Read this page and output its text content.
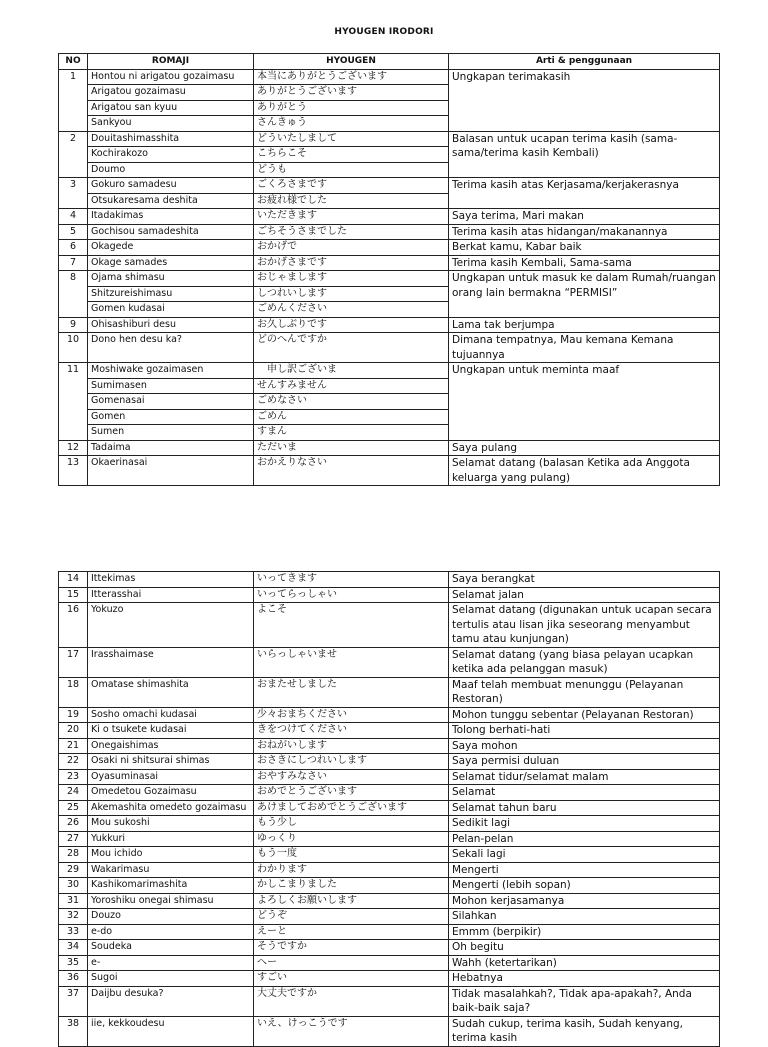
HYOUGEN IRODORI
NO	ROMAJI	HYOUGEN	Arti & penggunaan
1	Hontou ni arigatou gozaimasu	本当にありがとうございます	Ungkapan terimakasih
	Arigatou gozaimasu	ありがとうございます	
	Arigatou san kyuu	ありがとう	
	Sankyou	さんきゅう	
2	Douitashimasshita	どういたしまして	Balasan untuk ucapan terima kasih (sama-sama/terima kasih Kembali)
	Kochirakozo	こちらこそ	
	Doumo	どうも	
3	Gokuro samadesu	ごくろさまです	Terima kasih atas Kerjasama/kerjakerasnya
	Otsukaresama deshita	お疲れ様でした	
4	Itadakimas	いただきます	Saya terima, Mari makan
5	Gochisou samadeshita	ごちそうさまでした	Terima kasih atas hidangan/makanannya
6	Okagede	おかげで	Berkat kamu, Kabar baik
7	Okage samades	おかげさまです	Terima kasih Kembali, Sama-sama
8	Ojama shimasu	おじゃまします	Ungkapan untuk masuk ke dalam Rumah/ruangan orang lain bermakna “PERMISI”
	Shitzureishimasu	しつれいします	
	Gomen kudasai	ごめんください	
9	Ohisashiburi desu	お久しぶりです	Lama tak berjumpa
10	Dono hen desu ka?	どのへんですか	Dimana tempatnya, Mau kemana Kemana tujuannya
11	Moshiwake gozaimasen	　申し訳ございま	Ungkapan untuk meminta maaf
	Sumimasen	せんすみません	
	Gomenasai	ごめなさい	
	Gomen	ごめん	
	Sumen	すまん	
12	Tadaima	ただいま	Saya pulang
13	Okaerinasai	おかえりなさい	Selamat datang (balasan Ketika ada Anggota keluarga yang pulang)
14	Ittekimas	いってきます	Saya berangkat
15	Itterasshai	いってらっしゃい	Selamat jalan
16	Yokuzo	よこそ	Selamat datang (digunakan untuk ucapan secara tertulis atau lisan jika seseorang menyambut tamu atau kunjungan)
17	Irasshaimase	いらっしゃいませ	Selamat datang (yang biasa pelayan ucapkan ketika ada pelanggan masuk)
18	Omatase shimashita	おまたせしました	Maaf telah membuat menunggu (Pelayanan Restoran)
19	Sosho omachi kudasai	少々おまちください	Mohon tunggu sebentar (Pelayanan Restoran)
20	Ki o tsukete kudasai	きをつけてください	Tolong berhati-hati
21	Onegaishimas	おねがいします	Saya mohon
22	Osaki ni shitsurai shimas	おさきにしつれいします	Saya permisi duluan
23	Oyasuminasai	おやすみなさい	Selamat tidur/selamat malam
24	Omedetou Gozaimasu	おめでとうございます	Selamat
25	Akemashita omedeto gozaimasu	あけましておめでとうございます	Selamat tahun baru
26	Mou sukoshi	もう少し	Sedikit lagi
27	Yukkuri	ゆっくり	Pelan-pelan
28	Mou ichido	もう一度	Sekali lagi
29	Wakarimasu	わかります	Mengerti
30	Kashikomarimashita	かしこまりました	Mengerti (lebih sopan)
31	Yoroshiku onegai shimasu	よろしくお願いします	Mohon kerjasamanya
32	Douzo	どうぞ	Silahkan
33	e-do	えーと	Emmm (berpikir)
34	Soudeka	そうですか	Oh begitu
35	e-	へー	Wahh (ketertarikan)
36	Sugoi	すごい	Hebatnya
37	Daijbu desuka?	大丈夫ですか	Tidak masalahkah?, Tidak apa-apakah?, Anda baik-baik saja?
38	iie, kekkoudesu	いえ、けっこうです	Sudah cukup, terima kasih, Sudah kenyang, terima kasih
